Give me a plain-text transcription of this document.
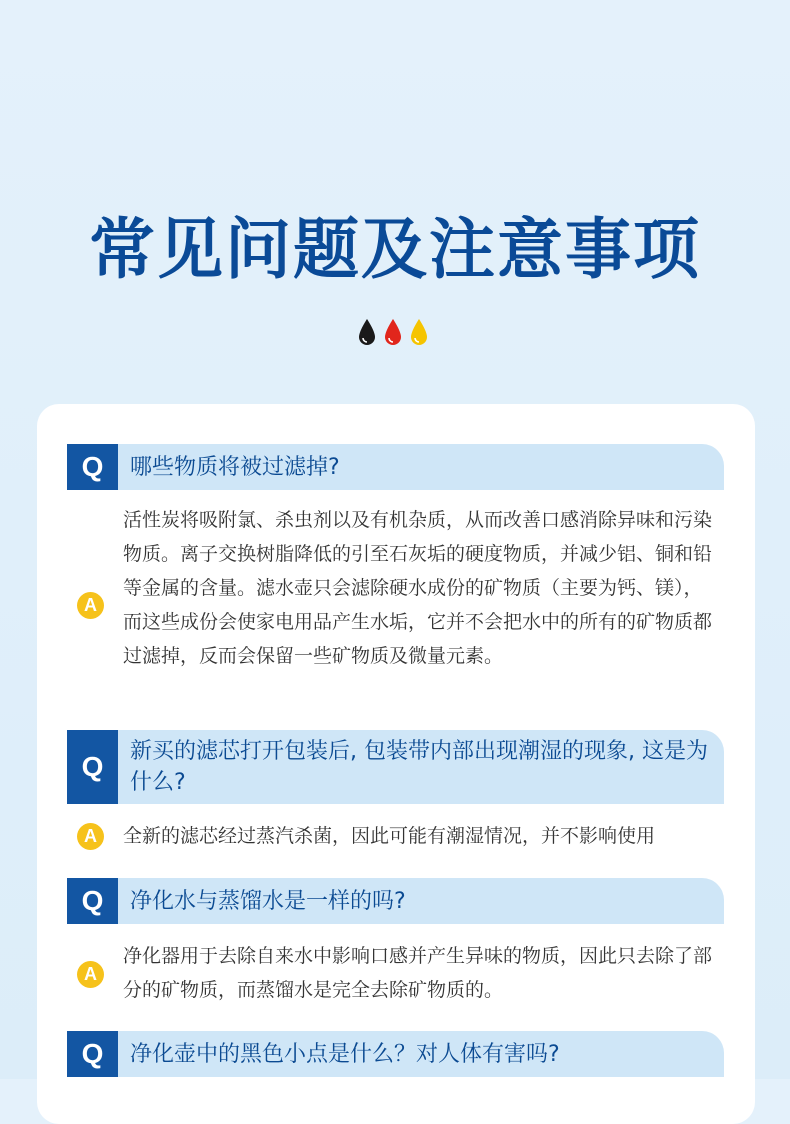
常见问题及注意事项
Q	哪些物质将被过滤掉?
A
活性炭将吸附氯、杀虫剂以及有机杂质，从而改善口感消除异味和污染物质。离子交换树脂降低的引至石灰垢的硬度物质，并减少铝、铜和铅等金属的含量。滤水壶只会滤除硬水成份的矿物质（主要为钙、镁），而这些成份会使家电用品产生水垢，它并不会把水中的所有的矿物质都过滤掉，反而会保留一些矿物质及微量元素。
Q	新买的滤芯打开包装后, 包装带内部出现潮湿的现象, 这是为什么?
A	全新的滤芯经过蒸汽杀菌，因此可能有潮湿情况，并不影响使用
Q	净化水与蒸馏水是一样的吗?
A
净化器用于去除自来水中影响口感并产生异味的物质，因此只去除了部分的矿物质，而蒸馏水是完全去除矿物质的。
Q	净化壶中的黑色小点是什么？对人体有害吗?
